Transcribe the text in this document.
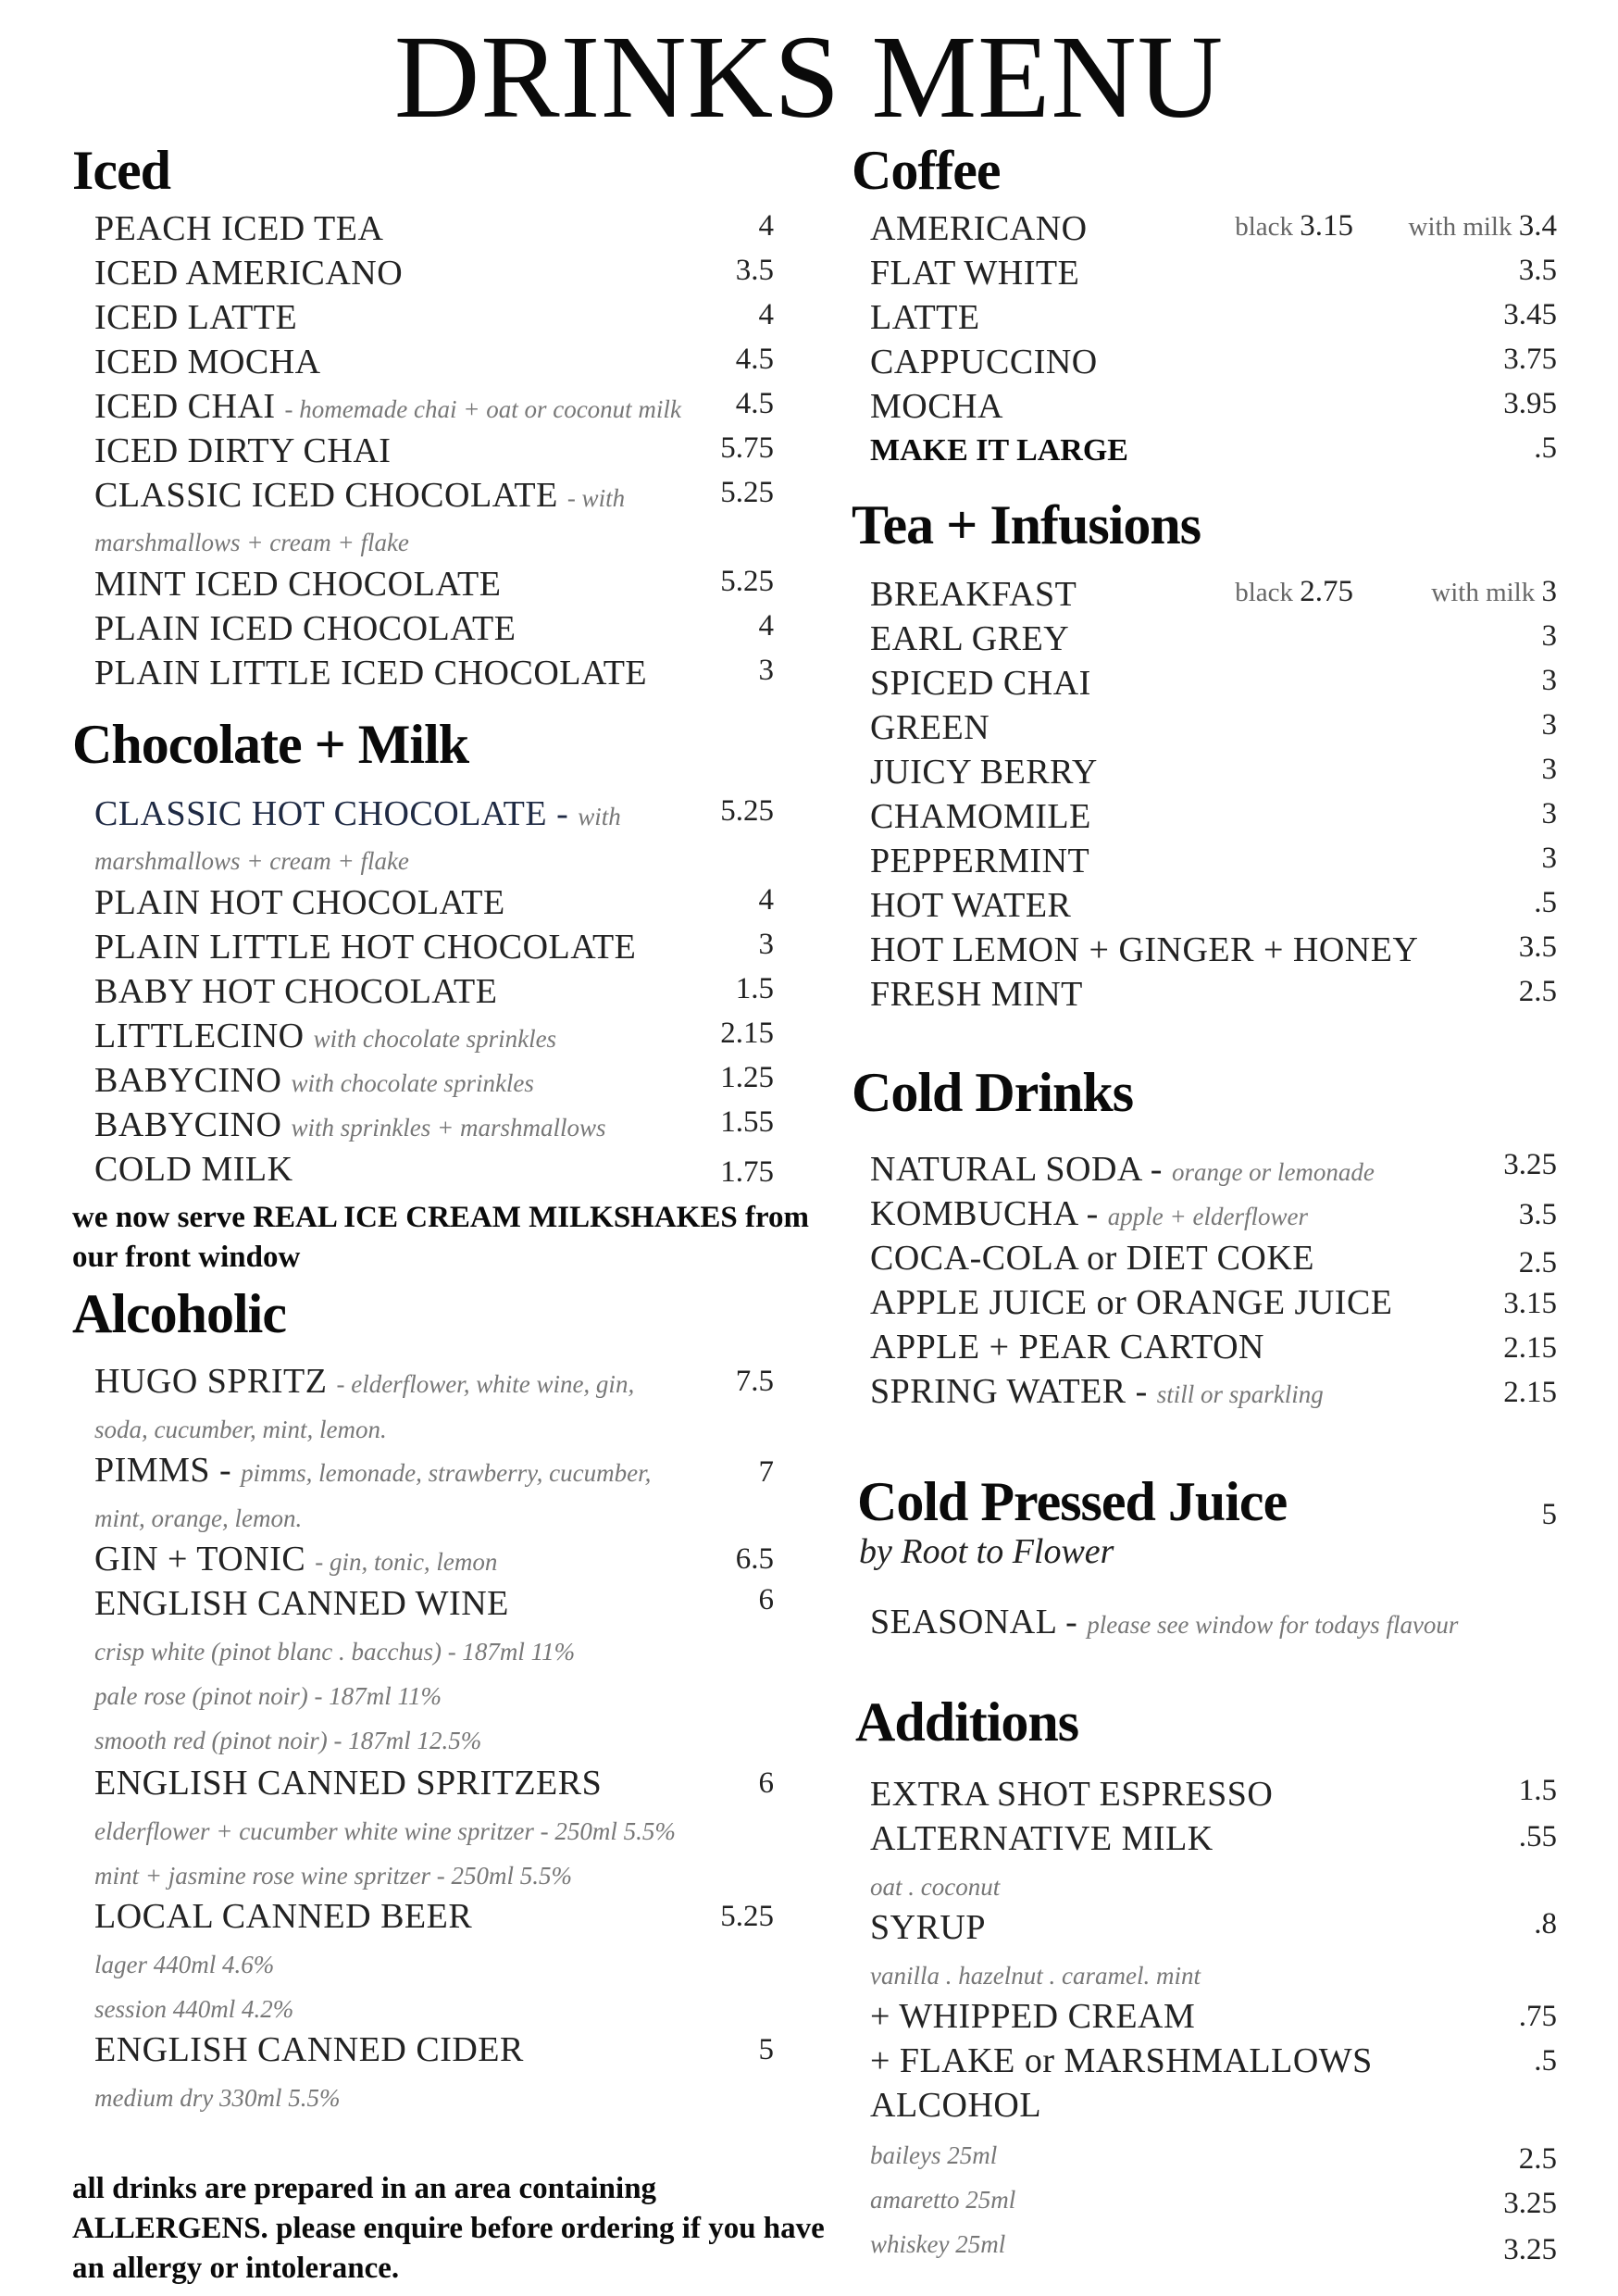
DRINKS MENU
Iced
PEACH ICED TEA	4
ICED AMERICANO	3.5
ICED LATTE	4
ICED MOCHA	4.5
ICED CHAI - homemade chai + oat or coconut milk 4.5
ICED DIRTY CHAI	5.75
CLASSIC ICED CHOCOLATE - with	5.25
marshmallows + cream + flake
MINT ICED CHOCOLATE	5.25
PLAIN ICED CHOCOLATE	4
PLAIN LITTLE ICED CHOCOLATE	3
Chocolate + Milk
CLASSIC HOT CHOCOLATE - with	5.25
marshmallows + cream + flake
PLAIN HOT CHOCOLATE	4
PLAIN LITTLE HOT CHOCOLATE	3
BABY HOT CHOCOLATE	1.5
LITTLECINO with chocolate sprinkles	2.15
BABYCINO with chocolate sprinkles	1.25
BABYCINO with sprinkles + marshmallows	1.55
COLD MILK	1.75
we now serve REAL ICE CREAM MILKSHAKES from
our front window
Alcoholic
HUGO SPRITZ - elderflower, white wine, gin,	7.5
soda, cucumber, mint, lemon.
PIMMS - pimms, lemonade, strawberry, cucumber,	7
mint, orange, lemon.
GIN + TONIC - gin, tonic, lemon	6.5
ENGLISH CANNED WINE	6
crisp white (pinot blanc . bacchus) - 187ml 11%
pale rose (pinot noir) - 187ml 11%
smooth red (pinot noir) - 187ml 12.5%
ENGLISH CANNED SPRITZERS	6
elderflower + cucumber white wine spritzer - 250ml 5.5%
mint + jasmine rose wine spritzer - 250ml 5.5%
LOCAL CANNED BEER	5.25
lager 440ml 4.6%
session 440ml 4.2%
ENGLISH CANNED CIDER	5
medium dry 330ml 5.5%
all drinks are prepared in an area containing
ALLERGENS. please enquire before ordering if you have
an allergy or intolerance.
Coffee
AMERICANO	black 3.15 with milk 3.4
FLAT WHITE	3.5
LATTE	3.45
CAPPUCCINO	3.75
MOCHA	3.95
MAKE IT LARGE	.5
Tea + Infusions
BREAKFAST	black 2.75	with milk 3
EARL GREY	3
SPICED CHAI	3
GREEN	3
JUICY BERRY	3
CHAMOMILE	3
PEPPERMINT	3
HOT WATER	.5
HOT LEMON + GINGER + HONEY	3.5
FRESH MINT	2.5
Cold Drinks
NATURAL SODA - orange or lemonade	3.25
KOMBUCHA - apple + elderflower	3.5
COCA-COLA or DIET COKE	2.5
APPLE JUICE or ORANGE JUICE	3.15
APPLE + PEAR CARTON	2.15
SPRING WATER - still or sparkling	2.15
Cold Pressed Juice	5
by Root to Flower
SEASONAL - please see window for todays flavour
Additions
EXTRA SHOT ESPRESSO	1.5
ALTERNATIVE MILK	.55
oat . coconut
SYRUP	.8
vanilla . hazelnut . caramel. mint
+ WHIPPED CREAM	.75
+ FLAKE or MARSHMALLOWS	.5
ALCOHOL
baileys 25ml	2.5
amaretto 25ml	3.25
whiskey 25ml	3.25
